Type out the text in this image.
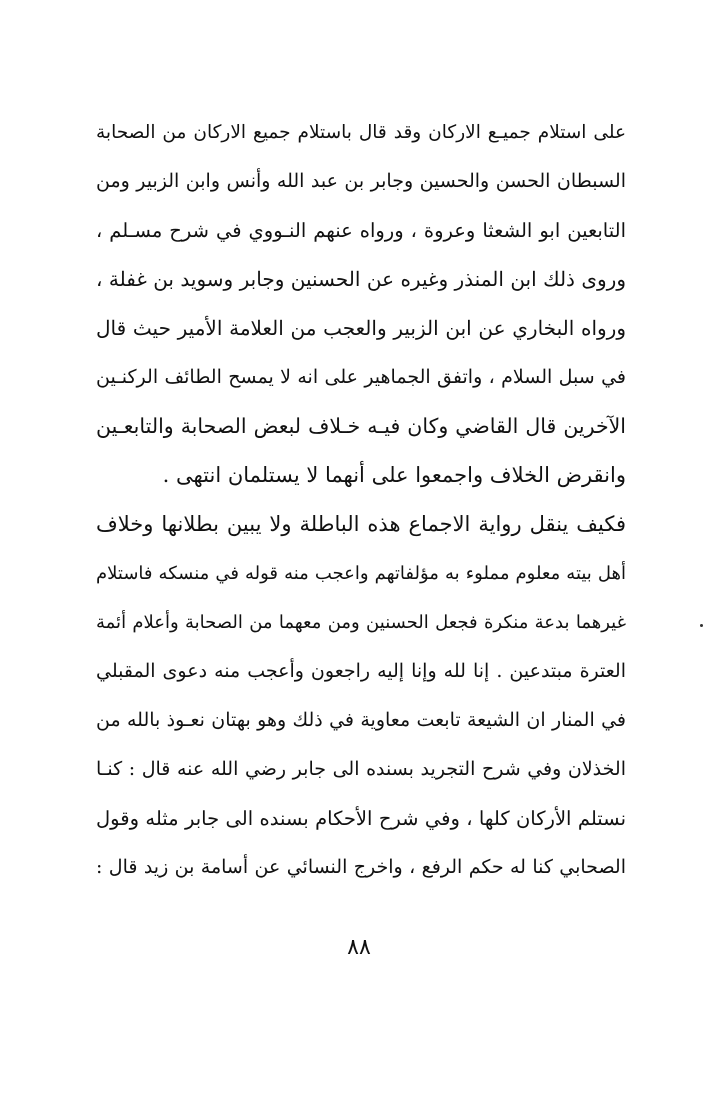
على استلام جميـع الاركان وقد قال باستلام جميع الاركان من الصحابة
السبطان الحسن والحسين وجابر بن عبد الله وأنس وابن الزبير ومن
التابعين ابو الشعثا وعروة ، ورواه عنهم النـووي في شرح مسـلم ،
وروى ذلك ابن المنذر وغيره عن الحسنين وجابر وسويد بن غفلة ،
ورواه البخاري عن ابن الزبير والعجب من العلامة الأمير حيث قال
في سبل السلام ، واتفق الجماهير على انه لا يمسح الطائف الركنـين
الآخرين قال القاضي وكان فيـه خـلاف لبعض الصحابة والتابعـين
وانقرض الخلاف واجمعوا على أنهما لا يستلمان انتهى .
فكيف ينقل رواية الاجماع هذه الباطلة ولا يبين بطلانها وخلاف
أهل بيته معلوم مملوء به مؤلفاتهم واعجب منه قوله في منسكه فاستلام
غيرهما بدعة منكرة فجعل الحسنين ومن معهما من الصحابة وأعلام أئمة
العترة مبتدعين . إنا لله وإنا إليه راجعون وأعجب منه دعوى المقبلي
في المنار ان الشيعة تابعت معاوية في ذلك وهو بهتان نعـوذ بالله من
الخذلان وفي شرح التجريد بسنده الى جابر رضي الله عنه قال : كنـا
نستلم الأركان كلها ، وفي شرح الأحكام بسنده الى جابر مثله وقول
الصحابي كنا له حكم الرفع ، واخرج النسائي عن أسامة بن زيد قال :
٨٨
